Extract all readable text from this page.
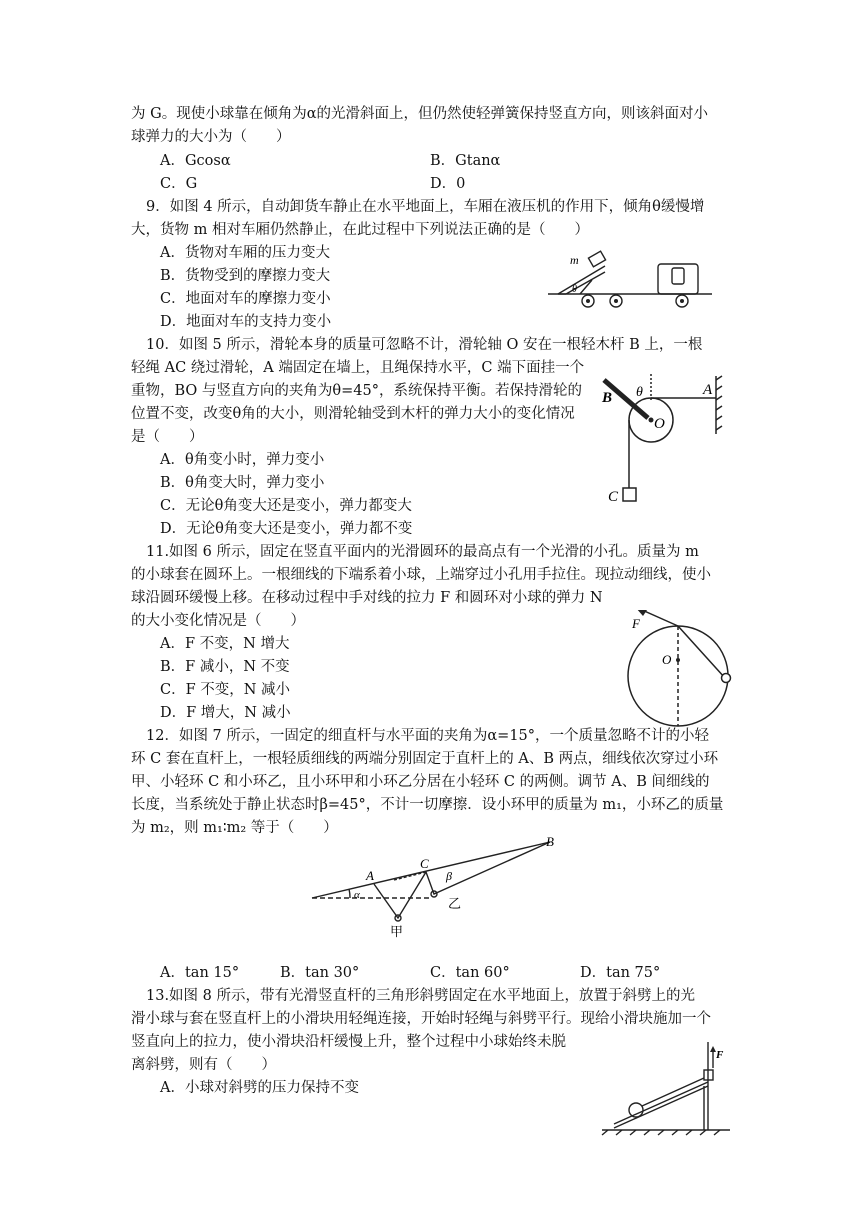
为 G。现使小球靠在倾角为α的光滑斜面上，但仍然使轻弹簧保持竖直方向，则该斜面对小
球弹力的大小为（　　）
A．Gcosα	B．Gtanα
C．G	D．0
9．如图 4 所示，自动卸货车静止在水平地面上，车厢在液压机的作用下，倾角θ缓慢增
大，货物 m 相对车厢仍然静止，在此过程中下列说法正确的是（　　）
A．货物对车厢的压力变大
B．货物受到的摩擦力变大
C．地面对车的摩擦力变小
D．地面对车的支持力变小
m
θ
10．如图 5 所示，滑轮本身的质量可忽略不计，滑轮轴 O 安在一根轻木杆 B 上，一根
轻绳 AC 绕过滑轮，A 端固定在墙上，且绳保持水平，C 端下面挂一个
重物，BO 与竖直方向的夹角为θ=45°，系统保持平衡。若保持滑轮的
位置不变，改变θ角的大小，则滑轮轴受到木杆的弹力大小的变化情况
是（　　）
A．θ角变小时，弹力变小
B．θ角变大时，弹力变小
C．无论θ角变大还是变小，弹力都变大
D．无论θ角变大还是变小，弹力都不变
B θ
O
A
C
11.如图 6 所示，固定在竖直平面内的光滑圆环的最高点有一个光滑的小孔。质量为 m
的小球套在圆环上。一根细线的下端系着小球，上端穿过小孔用手拉住。现拉动细线，使小
球沿圆环缓慢上移。在移动过程中手对线的拉力 F 和圆环对小球的弹力 N
的大小变化情况是（　　）
A．F 不变，N 增大
B．F 减小，N 不变
C．F 不变，N 减小
D．F 增大，N 减小
F
O
12．如图 7 所示，一固定的细直杆与水平面的夹角为α=15°，一个质量忽略不计的小轻
环 C 套在直杆上，一根轻质细线的两端分别固定于直杆上的 A、B 两点，细线依次穿过小环
甲、小轻环 C 和小环乙，且小环甲和小环乙分居在小轻环 C 的两侧。调节 A、B 间细线的
长度，当系统处于静止状态时β=45°，不计一切摩擦．设小环甲的质量为 m₁，小环乙的质量
为 m₂，则 m₁∶m₂ 等于（　　）
A
B
C
α
β
甲
乙
A．tan 15°	B．tan 30°	C．tan 60°	D．tan 75°
13.如图 8 所示，带有光滑竖直杆的三角形斜劈固定在水平地面上，放置于斜劈上的光
滑小球与套在竖直杆上的小滑块用轻绳连接，开始时轻绳与斜劈平行。现给小滑块施加一个
竖直向上的拉力，使小滑块沿杆缓慢上升，整个过程中小球始终未脱
离斜劈，则有（　　）
A．小球对斜劈的压力保持不变
F
